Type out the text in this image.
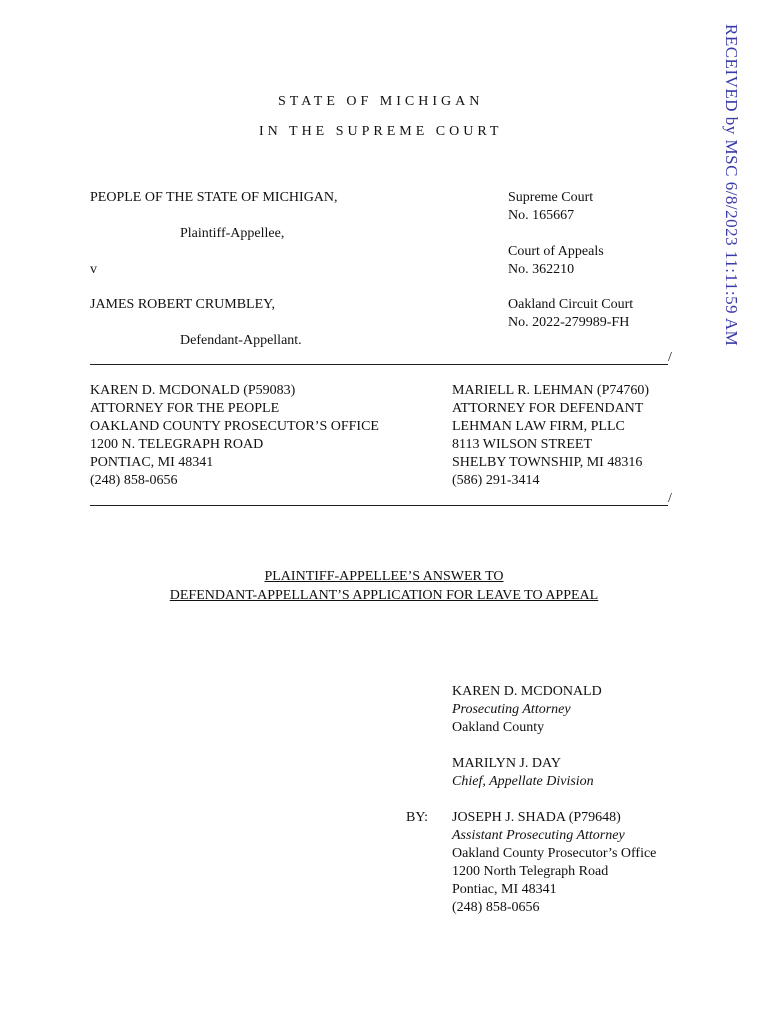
STATE OF MICHIGAN
IN THE SUPREME COURT
PEOPLE OF THE STATE OF MICHIGAN,
Plaintiff-Appellee,
v
JAMES ROBERT CRUMBLEY,
Defendant-Appellant.
Supreme Court
No. 165667
Court of Appeals
No. 362210
Oakland Circuit Court
No. 2022-279989-FH
/
KAREN D. MCDONALD (P59083)
ATTORNEY FOR THE PEOPLE
OAKLAND COUNTY PROSECUTOR’S OFFICE
1200 N. TELEGRAPH ROAD
PONTIAC, MI 48341
(248) 858-0656
MARIELL R. LEHMAN (P74760)
ATTORNEY FOR DEFENDANT
LEHMAN LAW FIRM, PLLC
8113 WILSON STREET
SHELBY TOWNSHIP, MI 48316
(586) 291-3414
/
PLAINTIFF-APPELLEE’S ANSWER TO
DEFENDANT-APPELLANT’S APPLICATION FOR LEAVE TO APPEAL
KAREN D. MCDONALD
Prosecuting Attorney
Oakland County
MARILYN J. DAY
Chief, Appellate Division
BY: JOSEPH J. SHADA (P79648)
Assistant Prosecuting Attorney
Oakland County Prosecutor’s Office
1200 North Telegraph Road
Pontiac, MI 48341
(248) 858-0656
RECEIVED by MSC 6/8/2023 11:11:59 AM
